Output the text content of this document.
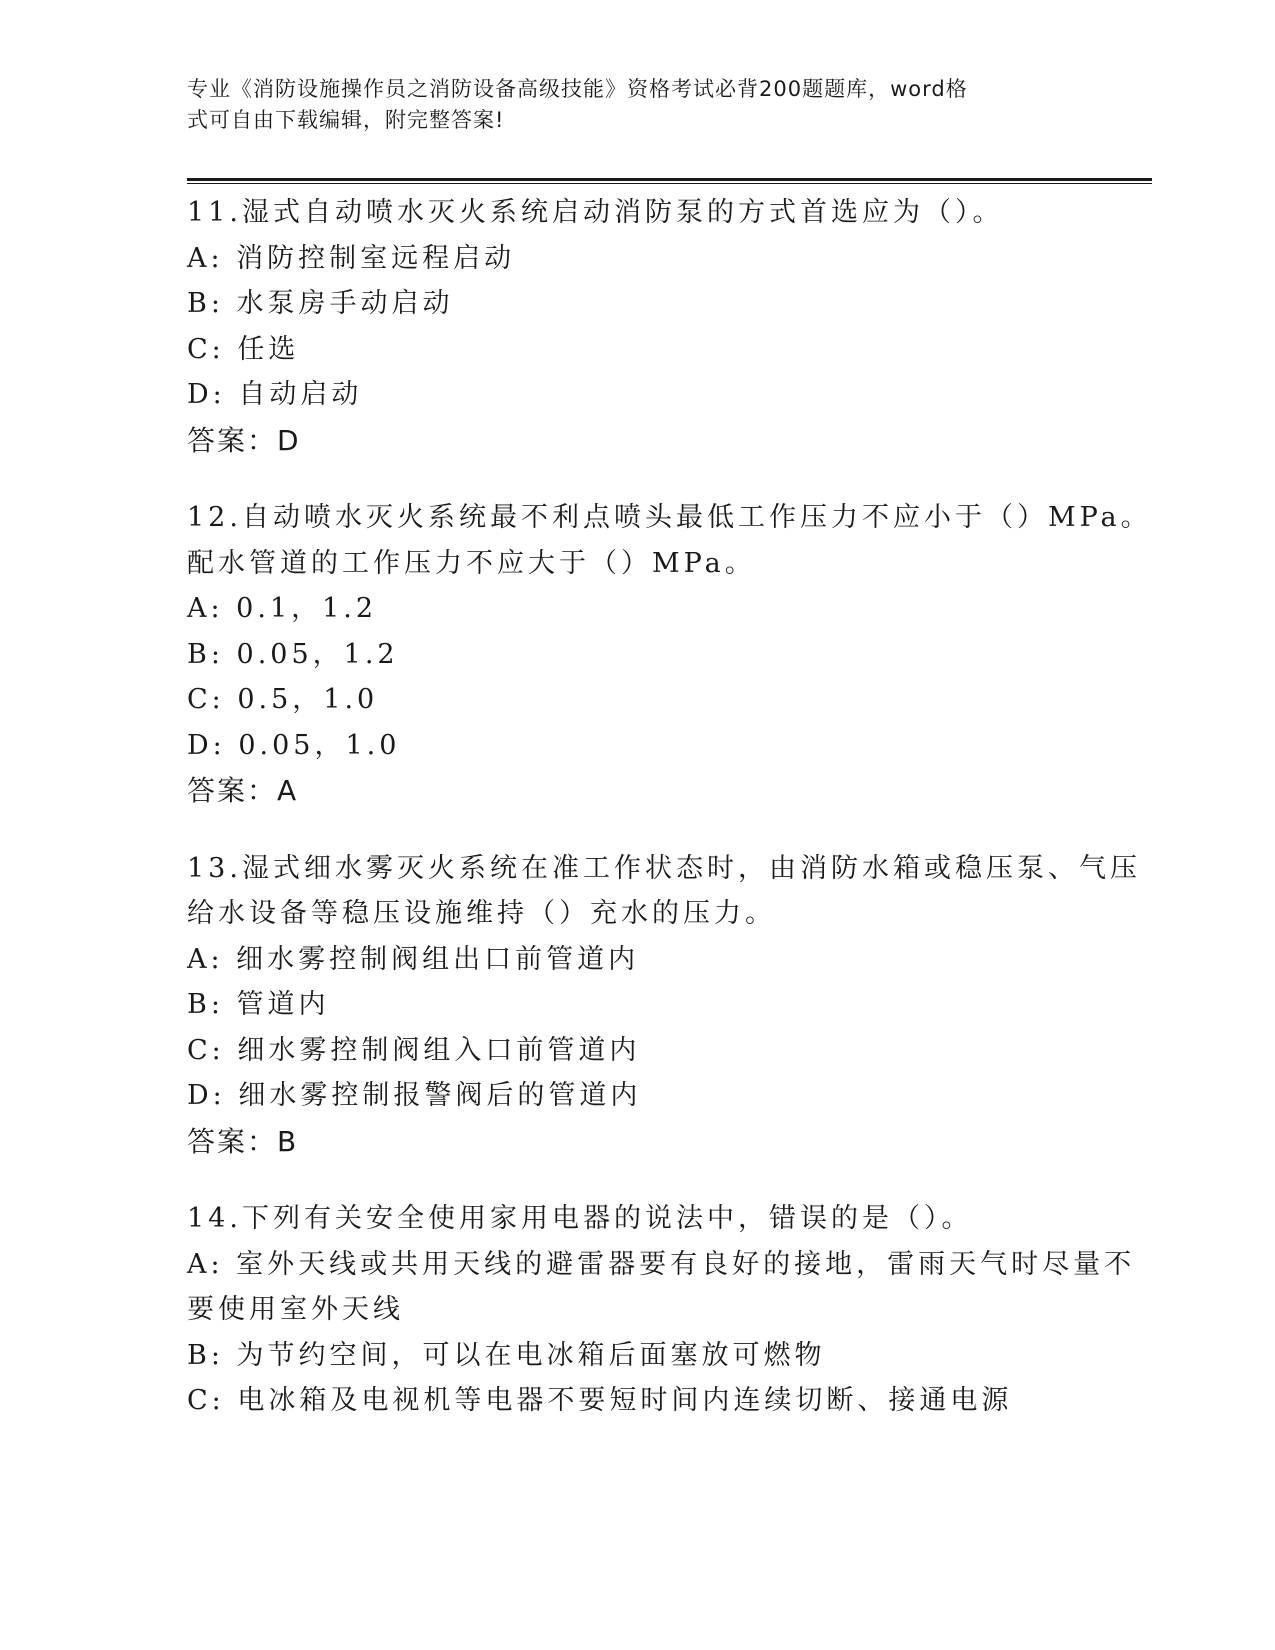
专业《消防设施操作员之消防设备高级技能》资格考试必背200题题库，word格
式可自由下载编辑，附完整答案!
11.湿式自动喷水灭火系统启动消防泵的方式首选应为（）。
A: 消防控制室远程启动
B: 水泵房手动启动
C: 任选
D: 自动启动
答案：D
12.自动喷水灭火系统最不利点喷头最低工作压力不应小于（）MPa。
配水管道的工作压力不应大于（）MPa。
A: 0.1，1.2
B: 0.05，1.2
C: 0.5，1.0
D: 0.05，1.0
答案：A
13.湿式细水雾灭火系统在准工作状态时，由消防水箱或稳压泵、气压
给水设备等稳压设施维持（）充水的压力。
A: 细水雾控制阀组出口前管道内
B: 管道内
C: 细水雾控制阀组入口前管道内
D: 细水雾控制报警阀后的管道内
答案：B
14.下列有关安全使用家用电器的说法中，错误的是（）。
A: 室外天线或共用天线的避雷器要有良好的接地，雷雨天气时尽量不
要使用室外天线
B: 为节约空间，可以在电冰箱后面塞放可燃物
C: 电冰箱及电视机等电器不要短时间内连续切断、接通电源
